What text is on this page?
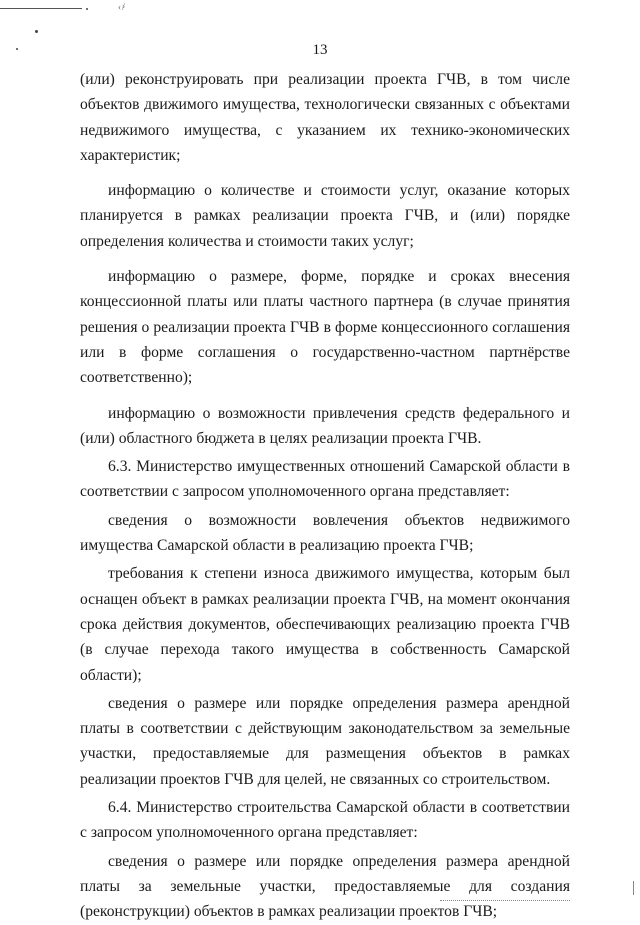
‹҂
13

(или) реконструировать при реализации проекта ГЧВ, в том числе объектов движимого имущества, технологически связанных с объектами недвижимого имущества, с указанием их технико-экономических характеристик;

информацию о количестве и стоимости услуг, оказание которых планируется в рамках реализации проекта ГЧВ, и (или) порядке определения количества и стоимости таких услуг;

информацию о размере, форме, порядке и сроках внесения концессионной платы или платы частного партнера (в случае принятия решения о реализации проекта ГЧВ в форме концессионного соглашения или в форме соглашения о государственно-частном партнёрстве соответственно);

информацию о возможности привлечения средств федерального и (или) областного бюджета в целях реализации проекта ГЧВ.

6.3. Министерство имущественных отношений Самарской области в соответствии с запросом уполномоченного органа представляет:

сведения о возможности вовлечения объектов недвижимого имущества Самарской области в реализацию проекта ГЧВ;

требования к степени износа движимого имущества, которым был оснащен объект в рамках реализации проекта ГЧВ, на момент окончания срока действия документов, обеспечивающих реализацию проекта ГЧВ (в случае перехода такого имущества в собственность Самарской области);

сведения о размере или порядке определения размера арендной платы в соответствии с действующим законодательством за земельные участки, предоставляемые для размещения объектов в рамках реализации проектов ГЧВ для целей, не связанных со строительством.

6.4. Министерство строительства Самарской области в соответствии с запросом уполномоченного органа представляет:

сведения о размере или порядке определения размера арендной платы за земельные участки, предоставляемые для создания (реконструкции) объектов в рамках реализации проектов ГЧВ;
